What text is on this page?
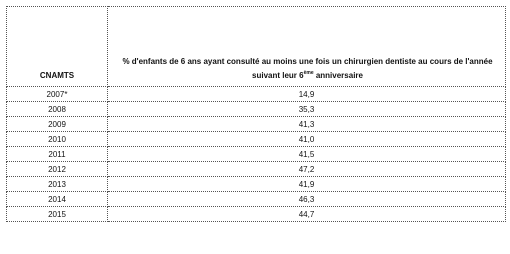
CNAMTS	% d'enfants de 6 ans ayant consulté au moins une fois un chirurgien dentiste au cours de l'année suivant leur 6ème anniversaire
2007*	14,9
2008	35,3
2009	41,3
2010	41,0
2011	41,5
2012	47,2
2013	41,9
2014	46,3
2015	44,7
